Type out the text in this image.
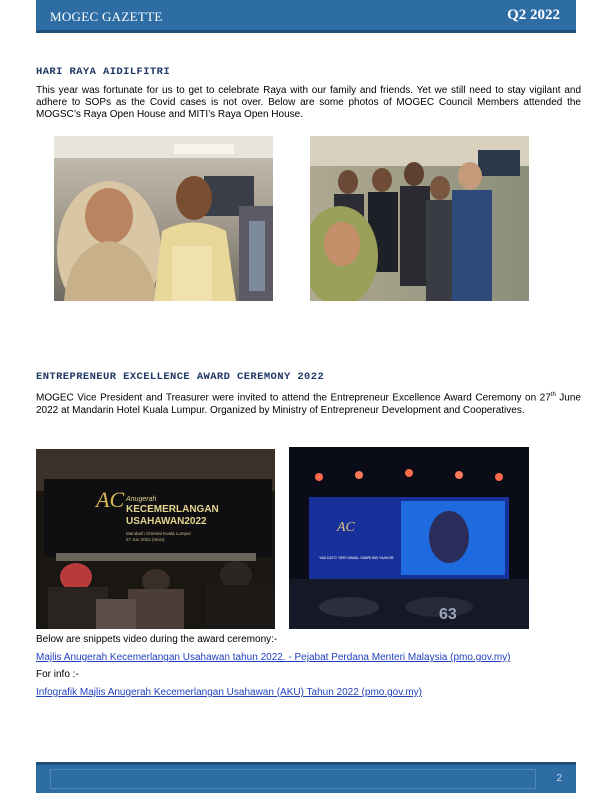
MOGEC GAZETTE	Q2 2022
HARI RAYA AIDILFITRI
This year was fortunate for us to get to celebrate Raya with our family and friends. Yet we still need to stay vigilant and adhere to SOPs as the Covid cases is not over. Below are some photos of MOGEC Council Members attended the MOGSC’s Raya Open House and MITI’s Raya Open House.
ENTREPRENEUR EXCELLENCE AWARD CEREMONY 2022
MOGEC Vice President and Treasurer were invited to attend the Entrepreneur Excellence Award Ceremony on 27th June 2022 at Mandarin Hotel Kuala Lumpur. Organized by Ministry of Entrepreneur Development and Cooperatives.
AC Anugerah
KECEMERLANGAN
USAHAWAN2022
Mandarin Oriental Kuala Lumpur
27 Jun 2022 (Isnin)
AC
YAB DATO' SERI ISMAIL SABRI BIN YAAKOB
63
Below are snippets video during the award ceremony:-
Majlis Anugerah Kecemerlangan Usahawan tahun 2022. - Pejabat Perdana Menteri Malaysia (pmo.gov.my)
For info :-
Infografik Majlis Anugerah Kecemerlangan Usahawan (AKU) Tahun 2022 (pmo.gov.my)
2
